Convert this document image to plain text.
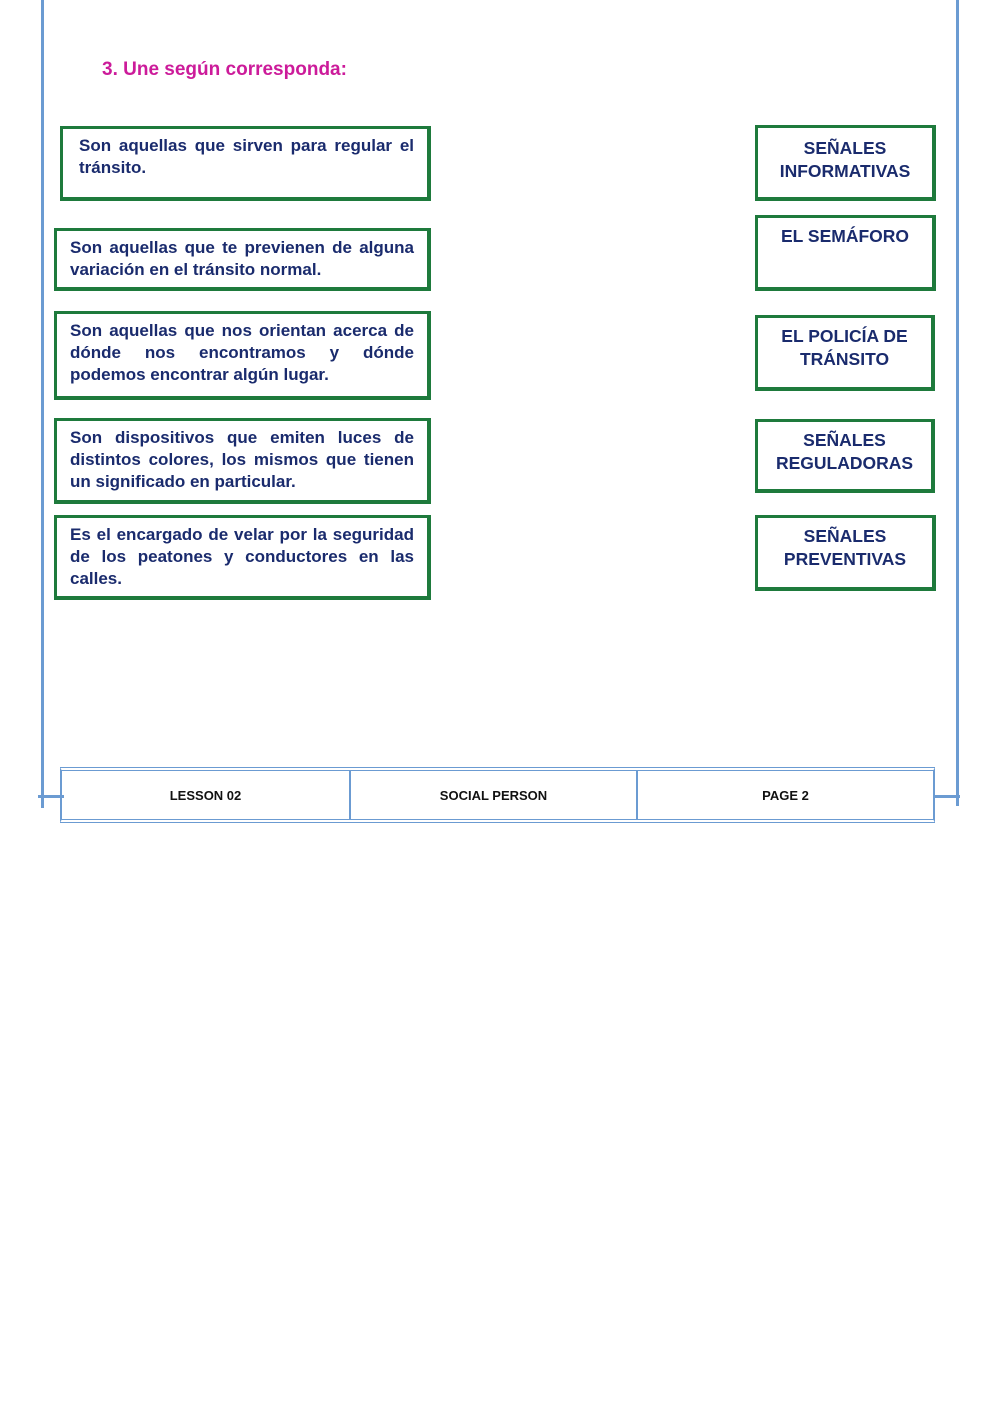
3. Une según corresponda:
Son aquellas que sirven para regular el tránsito.
Son aquellas que te previenen de alguna variación en el tránsito normal.
Son aquellas que nos orientan acerca de dónde nos encontramos y dónde podemos encontrar algún lugar.
Son dispositivos que emiten luces de distintos colores, los mismos que tienen un significado en particular.
Es el encargado de velar por la seguridad de los peatones y conductores en las calles.
SEÑALES INFORMATIVAS
EL SEMÁFORO
EL POLICÍA DE TRÁNSITO
SEÑALES REGULADORAS
SEÑALES PREVENTIVAS
LESSON 02	SOCIAL PERSON	PAGE 2
